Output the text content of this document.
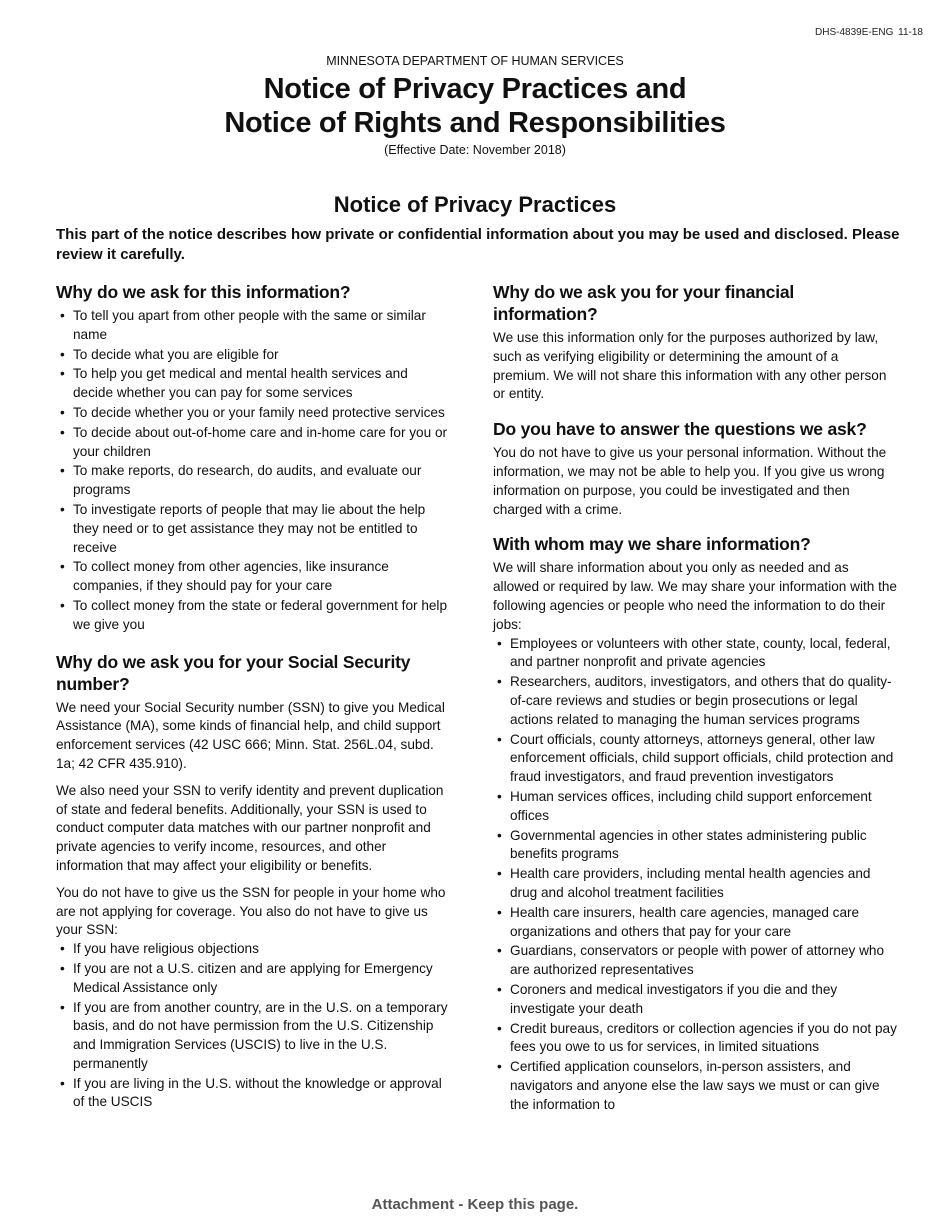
DHS-4839E-ENG 11-18
MINNESOTA DEPARTMENT OF HUMAN SERVICES
Notice of Privacy Practices and
Notice of Rights and Responsibilities
(Effective Date: November 2018)
Notice of Privacy Practices
This part of the notice describes how private or confidential information about you may be used and disclosed. Please review it carefully.
Why do we ask for this information?
• To tell you apart from other people with the same or similar name
• To decide what you are eligible for
• To help you get medical and mental health services and decide whether you can pay for some services
• To decide whether you or your family need protective services
• To decide about out-of-home care and in-home care for you or your children
• To make reports, do research, do audits, and evaluate our programs
• To investigate reports of people that may lie about the help they need or to get assistance they may not be entitled to receive
• To collect money from other agencies, like insurance companies, if they should pay for your care
• To collect money from the state or federal government for help we give you
Why do we ask you for your Social Security number?

We need your Social Security number (SSN) to give you Medical Assistance (MA), some kinds of financial help, and child support enforcement services (42 USC 666; Minn. Stat. 256L.04, subd. 1a; 42 CFR 435.910).

We also need your SSN to verify identity and prevent duplication of state and federal benefits. Additionally, your SSN is used to conduct computer data matches with our partner nonprofit and private agencies to verify income, resources, and other information that may affect your eligibility or benefits.

You do not have to give us the SSN for people in your home who are not applying for coverage. You also do not have to give us your SSN:

• If you have religious objections
• If you are not a U.S. citizen and are applying for Emergency Medical Assistance only
• If you are from another country, are in the U.S. on a temporary basis, and do not have permission from the U.S. Citizenship and Immigration Services (USCIS) to live in the U.S. permanently
• If you are living in the U.S. without the knowledge or approval of the USCIS
Why do we ask you for your financial information?

We use this information only for the purposes authorized by law, such as verifying eligibility or determining the amount of a premium. We will not share this information with any other person or entity.

Do you have to answer the questions we ask?

You do not have to give us your personal information. Without the information, we may not be able to help you. If you give us wrong information on purpose, you could be investigated and then charged with a crime.

With whom may we share information?

We will share information about you only as needed and as allowed or required by law. We may share your information with the following agencies or people who need the information to do their jobs:

• Employees or volunteers with other state, county, local, federal, and partner nonprofit and private agencies
• Researchers, auditors, investigators, and others that do quality-of-care reviews and studies or begin prosecutions or legal actions related to managing the human services programs
• Court officials, county attorneys, attorneys general, other law enforcement officials, child support officials, child protection and fraud investigators, and fraud prevention investigators
• Human services offices, including child support enforcement offices
• Governmental agencies in other states administering public benefits programs
• Health care providers, including mental health agencies and drug and alcohol treatment facilities
• Health care insurers, health care agencies, managed care organizations and others that pay for your care
• Guardians, conservators or people with power of attorney who are authorized representatives
• Coroners and medical investigators if you die and they investigate your death
• Credit bureaus, creditors or collection agencies if you do not pay fees you owe to us for services, in limited situations
• Certified application counselors, in-person assisters, and navigators and anyone else the law says we must or can give the information to
Attachment - Keep this page.
